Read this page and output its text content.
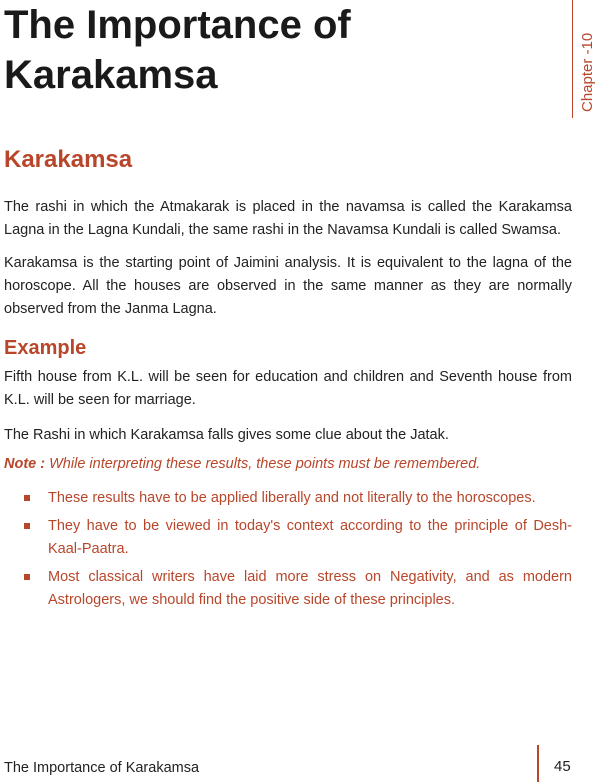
The Importance of
Karakamsa	Chapter -10
Karakamsa

The rashi in which the Atmakarak is placed in the navamsa is called the Karakamsa Lagna in the Lagna Kundali, the same rashi in the Navamsa Kundali is called Swamsa.

Karakamsa is the starting point of Jaimini analysis. It is equivalent to the lagna of the horoscope. All the houses are observed in the same manner as they are normally observed from the Janma Lagna.

Example

Fifth house from K.L. will be seen for education and children and Seventh house from K.L. will be seen for marriage.

The Rashi in which Karakamsa falls gives some clue about the Jatak.

Note : While interpreting these results, these points must be remembered.

These results have to be applied liberally and not literally to the horoscopes.
They have to be viewed in today's context according to the principle of Desh-Kaal-Paatra.
Most classical writers have laid more stress on Negativity, and as modern Astrologers, we should find the positive side of these principles.
The Importance of Karakamsa	45
